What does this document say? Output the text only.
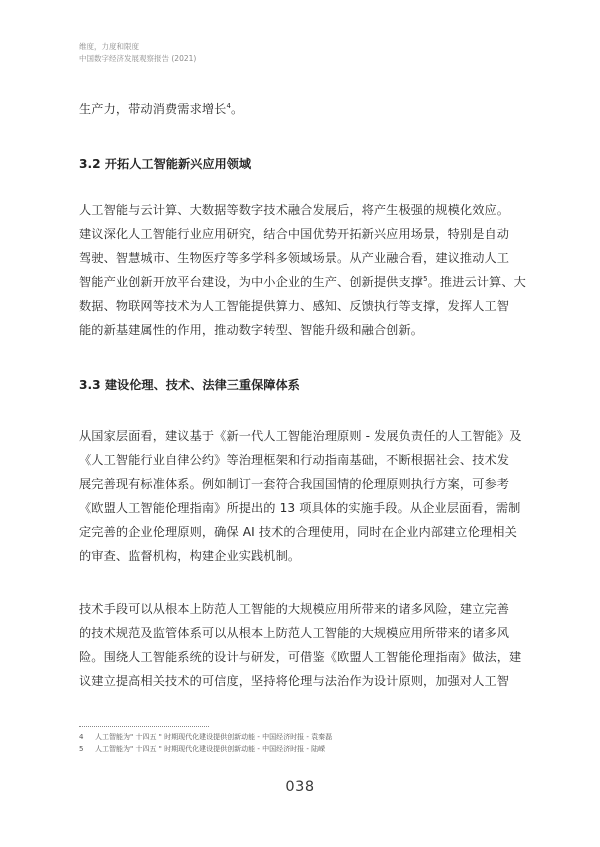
维度，力度和限度
中国数字经济发展观察报告 (2021)
生产力，带动消费需求增长$^4$。
3.2 开拓人工智能新兴应用领域
人工智能与云计算、大数据等数字技术融合发展后，将产生极强的规模化效应。
建议深化人工智能行业应用研究，结合中国优势开拓新兴应用场景，特别是自动
驾驶、智慧城市、生物医疗等多学科多领域场景。从产业融合看，建议推动人工
智能产业创新开放平台建设，为中小企业的生产、创新提供支撑$^5$。推进云计算、大
数据、物联网等技术为人工智能提供算力、感知、反馈执行等支撑，发挥人工智
能的新基建属性的作用，推动数字转型、智能升级和融合创新。
3.3 建设伦理、技术、法律三重保障体系
从国家层面看，建议基于《新一代人工智能治理原则 - 发展负责任的人工智能》及
《人工智能行业自律公约》等治理框架和行动指南基础，不断根据社会、技术发
展完善现有标准体系。例如制订一套符合我国国情的伦理原则执行方案，可参考
《欧盟人工智能伦理指南》所提出的 13 项具体的实施手段。从企业层面看，需制
定完善的企业伦理原则，确保 AI 技术的合理使用，同时在企业内部建立伦理相关
的审查、监督机构，构建企业实践机制。
技术手段可以从根本上防范人工智能的大规模应用所带来的诸多风险，建立完善
的技术规范及监管体系可以从根本上防范人工智能的大规模应用所带来的诸多风
险。围绕人工智能系统的设计与研发，可借鉴《欧盟人工智能伦理指南》做法，建
议建立提高相关技术的可信度，坚持将伦理与法治作为设计原则，加强对人工智
4 人工智能为" 十四五 " 时期现代化建设提供创新动能 - 中国经济时报 - 袁秦磊
5 人工智能为" 十四五 " 时期现代化建设提供创新动能 - 中国经济时报 - 陆嵘
038
